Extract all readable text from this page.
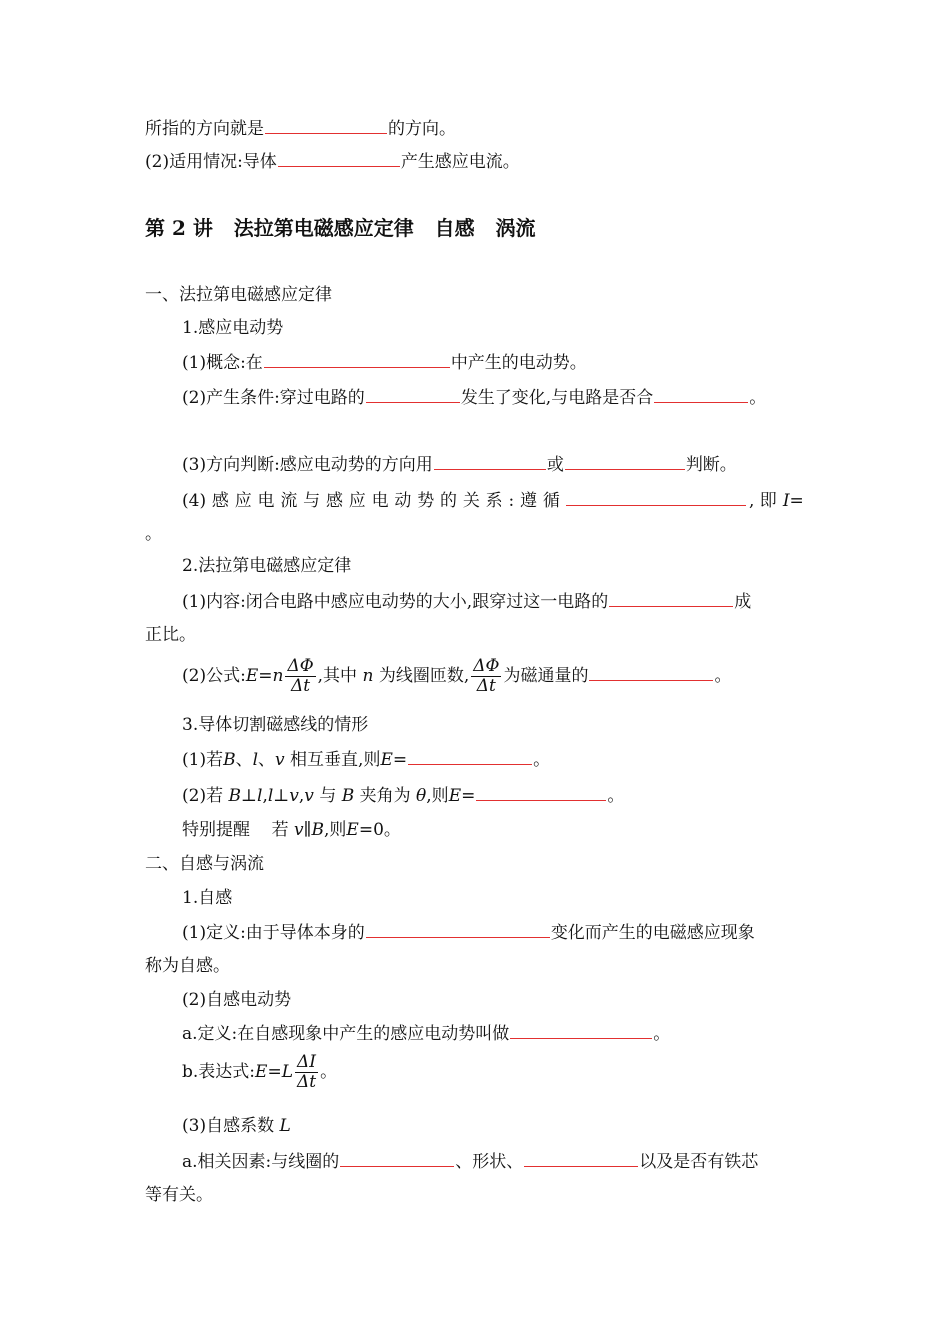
所指的方向就是	的方向。
(2)适用情况:导体	产生感应电流。
第 2 讲   法拉第电磁感应定律   自感   涡流
一、法拉第电磁感应定律
1.感应电动势
(1)概念:在	中产生的电动势。
(2)产生条件:穿过电路的	发生了变化,与电路是否合	。
(3)方向判断:感应电动势的方向用	或	判断。
(4) 感 应 电 流 与 感 应 电 动 势 的 关 系 : 遵 循	, 即 I=
。
2.法拉第电磁感应定律
(1)内容:闭合电路中感应电动势的大小,跟穿过这一电路的	成
正比。
(2)公式:E=n $\frac{\Delta\Phi}{\Delta t}$ ,其中 n 为线圈匝数, $\frac{\Delta\Phi}{\Delta t}$ 为磁通量的	。
3.导体切割磁感线的情形
(1)若B、l、v 相互垂直,则E=	。
(2)若 B⊥l,l⊥v,v 与 B 夹角为 θ,则E=	。
特别提醒 若 v∥B,则E=0。
二、自感与涡流
1.自感
(1)定义:由于导体本身的	变化而产生的电磁感应现象
称为自感。
(2)自感电动势
a.定义:在自感现象中产生的感应电动势叫做	。
b.表达式:E=L $\frac{\Delta I}{\Delta t}$ 。
(3)自感系数 L
a.相关因素:与线圈的	、形状、	以及是否有铁芯
等有关。
